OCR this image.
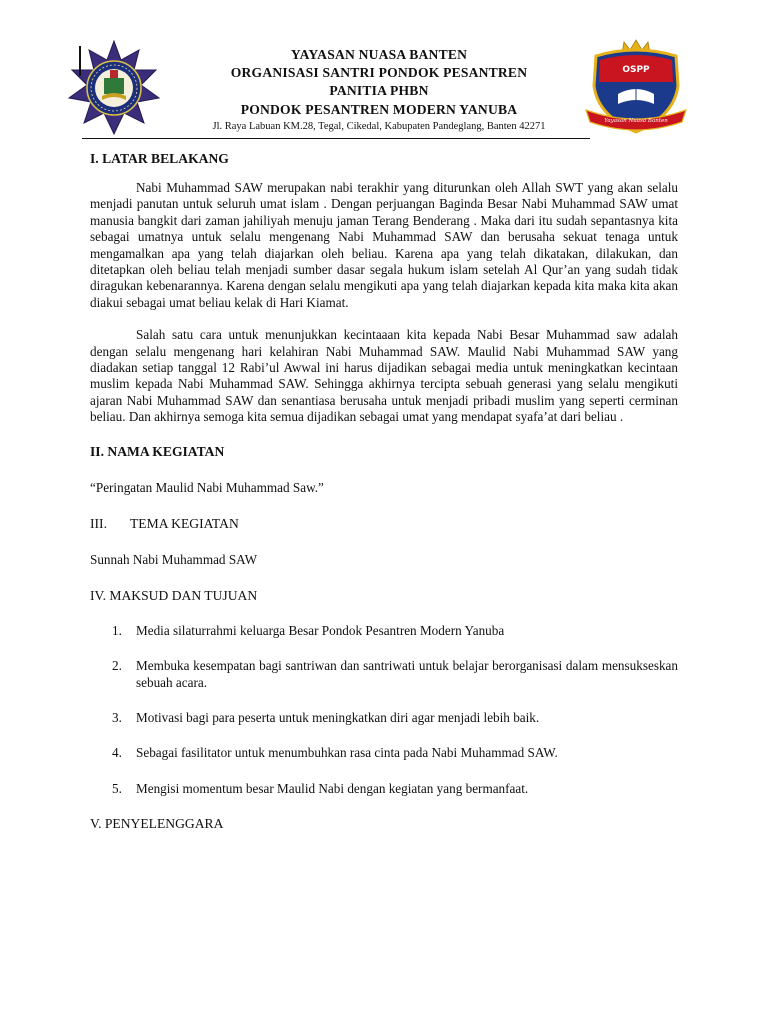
YAYASAN NUASA BANTEN
ORGANISASI SANTRI PONDOK PESANTREN
PANITIA PHBN
PONDOK PESANTREN MODERN YANUBA
Jl. Raya Labuan KM.28, Tegal, Cikedal, Kabupaten Pandeglang, Banten 42271
OSPP
Yayasan Nuasa Banten
I. LATAR BELAKANG

Nabi Muhammad SAW merupakan nabi terakhir yang diturunkan oleh Allah SWT yang akan selalu menjadi panutan untuk seluruh umat islam . Dengan perjuangan Baginda Besar Nabi Muhammad SAW umat manusia bangkit dari zaman jahiliyah menuju jaman Terang Benderang . Maka dari itu sudah sepantasnya kita sebagai umatnya untuk selalu mengenang Nabi Muhammad SAW dan berusaha sekuat tenaga untuk mengamalkan apa yang telah diajarkan oleh beliau. Karena apa yang telah dikatakan, dilakukan, dan ditetapkan oleh beliau telah menjadi sumber dasar segala hukum islam setelah Al Qur’an yang sudah tidak diragukan kebenarannya. Karena dengan selalu mengikuti apa yang telah diajarkan kepada kita maka kita akan diakui sebagai umat beliau kelak di Hari Kiamat.

Salah satu cara untuk menunjukkan kecintaaan kita kepada Nabi Besar Muhammad saw adalah dengan selalu mengenang hari kelahiran Nabi Muhammad SAW. Maulid Nabi Muhammad SAW yang diadakan setiap tanggal 12 Rabi’ul Awwal ini harus dijadikan sebagai media untuk meningkatkan kecintaan muslim kepada Nabi Muhammad SAW. Sehingga akhirnya tercipta sebuah generasi yang selalu mengikuti ajaran Nabi Muhammad SAW dan senantiasa berusaha untuk menjadi pribadi muslim yang seperti cerminan beliau. Dan akhirnya semoga kita semua dijadikan sebagai umat yang mendapat syafa’at dari beliau .

II. NAMA KEGIATAN

“Peringatan Maulid Nabi Muhammad Saw.”

III. TEMA KEGIATAN

Sunnah Nabi Muhammad SAW

IV. MAKSUD DAN TUJUAN
1. Media silaturrahmi keluarga Besar Pondok Pesantren Modern Yanuba
2. Membuka kesempatan bagi santriwan dan santriwati untuk belajar berorganisasi dalam mensukseskan sebuah acara.
3. Motivasi bagi para peserta untuk meningkatkan diri agar menjadi lebih baik.
4. Sebagai fasilitator untuk menumbuhkan rasa cinta pada Nabi Muhammad SAW.
5. Mengisi momentum besar Maulid Nabi dengan kegiatan yang bermanfaat.
V. PENYELENGGARA
